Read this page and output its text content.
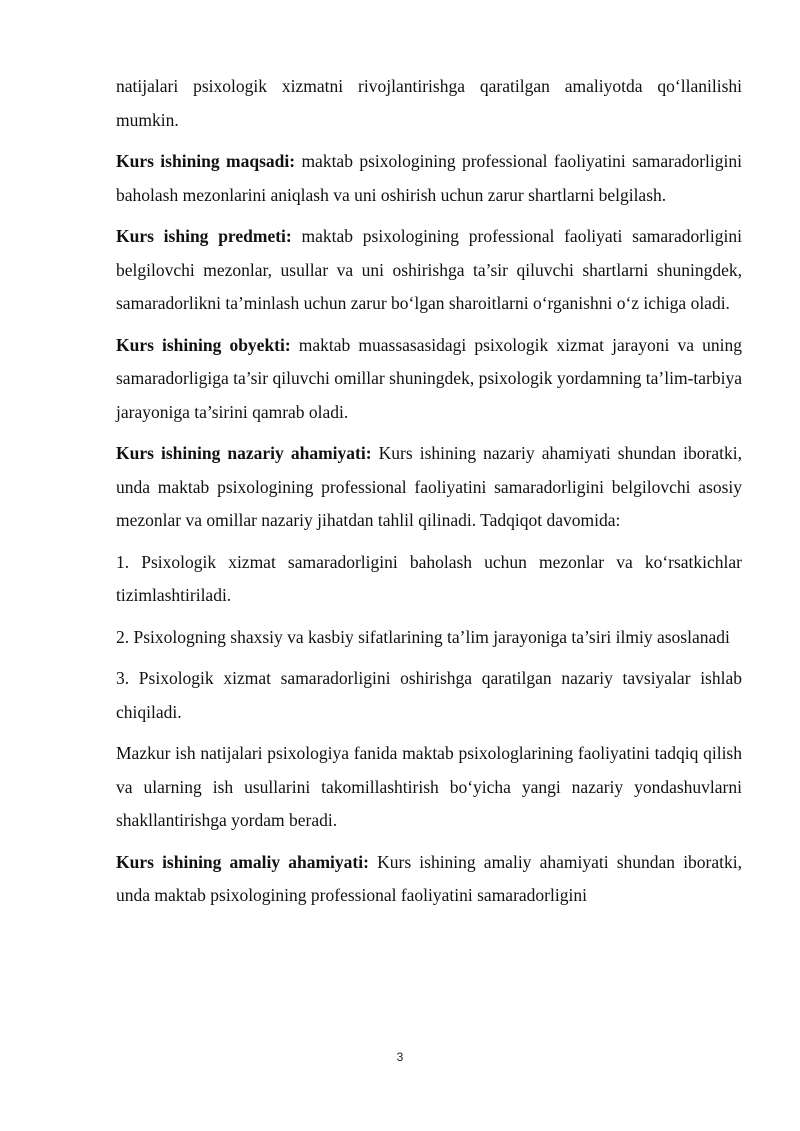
natijalari psixologik xizmatni rivojlantirishga qaratilgan amaliyotda qo‘llanilishi mumkin.

Kurs ishining maqsadi: maktab psixologining professional faoliyatini samaradorligini baholash mezonlarini aniqlash va uni oshirish uchun zarur shartlarni belgilash.

Kurs ishing predmeti: maktab psixologining professional faoliyati samaradorligini belgilovchi mezonlar, usullar va uni oshirishga ta’sir qiluvchi shartlarni shuningdek, samaradorlikni ta’minlash uchun zarur bo‘lgan sharoitlarni o‘rganishni o‘z ichiga oladi.

Kurs ishining obyekti: maktab muassasasidagi psixologik xizmat jarayoni va uning samaradorligiga ta’sir qiluvchi omillar shuningdek, psixologik yordamning ta’lim-tarbiya jarayoniga ta’sirini qamrab oladi.

Kurs ishining nazariy ahamiyati: Kurs ishining nazariy ahamiyati shundan iboratki, unda maktab psixologining professional faoliyatini samaradorligini belgilovchi asosiy mezonlar va omillar nazariy jihatdan tahlil qilinadi. Tadqiqot davomida:

1. Psixologik xizmat samaradorligini baholash uchun mezonlar va ko‘rsatkichlar tizimlashtiriladi.

2. Psixologning shaxsiy va kasbiy sifatlarining ta’lim jarayoniga ta’siri ilmiy asoslanadi

3. Psixologik xizmat samaradorligini oshirishga qaratilgan nazariy tavsiyalar ishlab chiqiladi.

Mazkur ish natijalari psixologiya fanida maktab psixologlarining faoliyatini tadqiq qilish va ularning ish usullarini takomillashtirish bo‘yicha yangi nazariy yondashuvlarni shakllantirishga yordam beradi.

Kurs ishining amaliy ahamiyati: Kurs ishining amaliy ahamiyati shundan iboratki, unda maktab psixologining professional faoliyatini samaradorligini

3
